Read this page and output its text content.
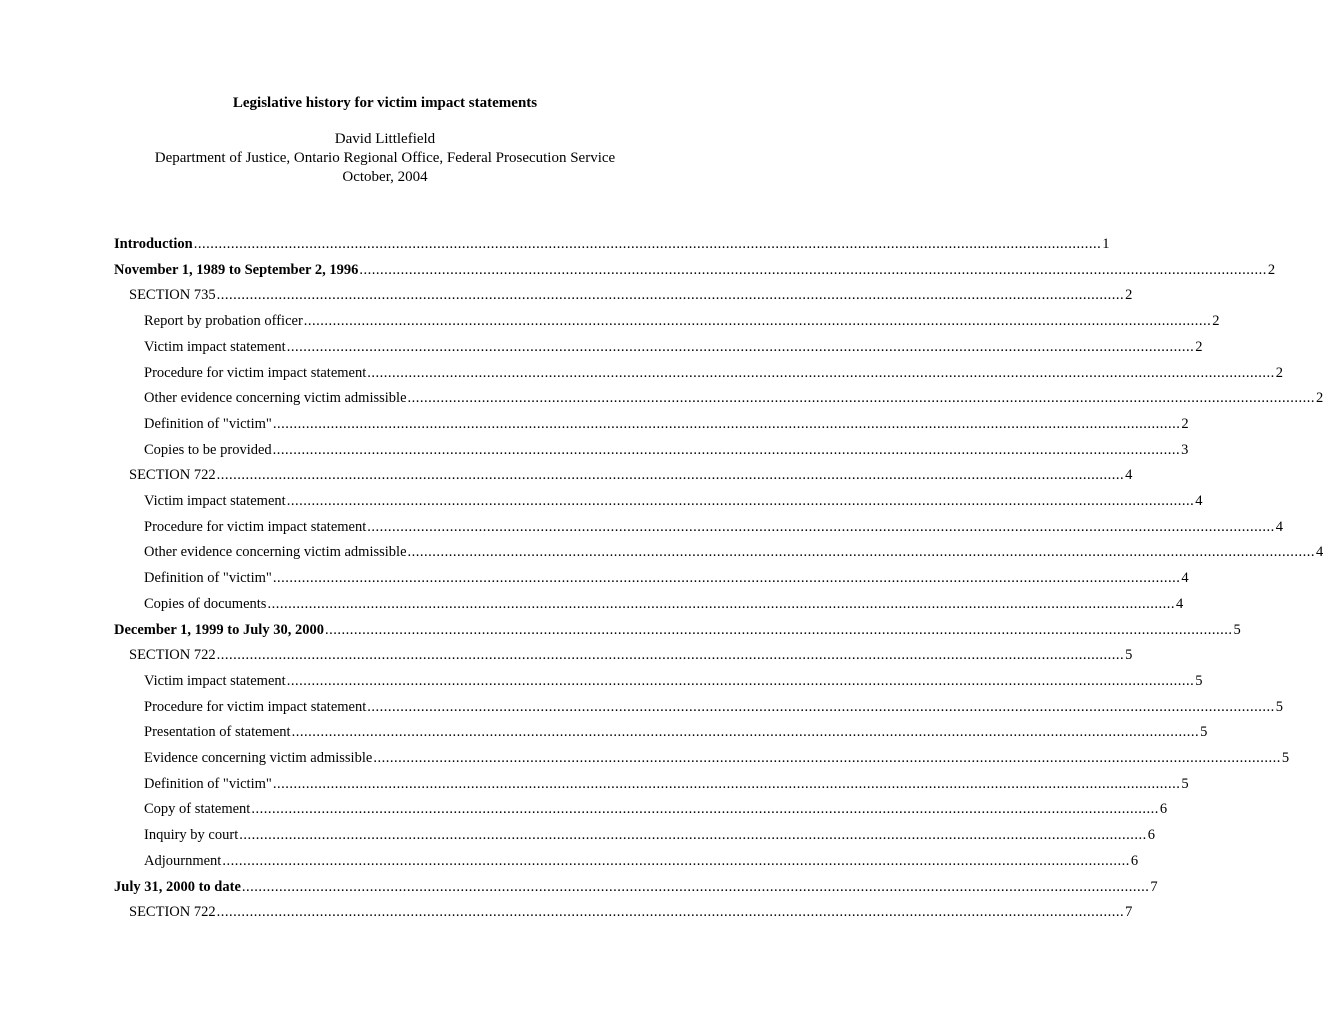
Legislative history for victim impact statements
David Littlefield
Department of Justice, Ontario Regional Office, Federal Prosecution Service
October, 2004
Introduction ............................................................................................................................................................................................................................ 1
November 1, 1989 to September 2, 1996 ............................................................................................................................................................................................................................ 2
SECTION 735 ............................................................................................................................................................................................................................ 2
Report by probation officer ............................................................................................................................................................................................................................ 2
Victim impact statement ............................................................................................................................................................................................................................ 2
Procedure for victim impact statement ............................................................................................................................................................................................................................ 2
Other evidence concerning victim admissible ............................................................................................................................................................................................................................ 2
Definition of "victim" ............................................................................................................................................................................................................................ 2
Copies to be provided ............................................................................................................................................................................................................................ 3
SECTION 722 ............................................................................................................................................................................................................................ 4
Victim impact statement ............................................................................................................................................................................................................................ 4
Procedure for victim impact statement ............................................................................................................................................................................................................................ 4
Other evidence concerning victim admissible ............................................................................................................................................................................................................................ 4
Definition of "victim" ............................................................................................................................................................................................................................ 4
Copies of documents ............................................................................................................................................................................................................................ 4
December 1, 1999 to July 30, 2000 ............................................................................................................................................................................................................................ 5
SECTION 722 ............................................................................................................................................................................................................................ 5
Victim impact statement ............................................................................................................................................................................................................................ 5
Procedure for victim impact statement ............................................................................................................................................................................................................................ 5
Presentation of statement ............................................................................................................................................................................................................................ 5
Evidence concerning victim admissible ............................................................................................................................................................................................................................ 5
Definition of "victim" ............................................................................................................................................................................................................................ 5
Copy of statement ............................................................................................................................................................................................................................ 6
Inquiry by court ............................................................................................................................................................................................................................ 6
Adjournment ............................................................................................................................................................................................................................ 6
July 31, 2000 to date ............................................................................................................................................................................................................................ 7
SECTION 722 ............................................................................................................................................................................................................................ 7
